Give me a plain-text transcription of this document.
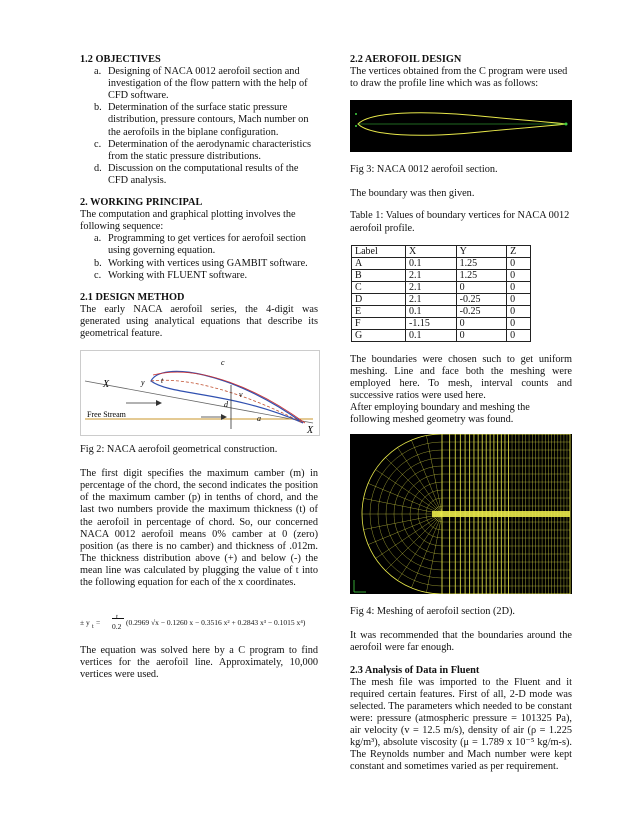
1.2 OBJECTIVES
a. Designing of NACA 0012 aerofoil section and investigation of the flow pattern with the help of CFD software.
b. Determination of the surface static pressure distribution, pressure contours, Mach number on the aerofoils in the biplane configuration.
c. Determination of the aerodynamic characteristics from the static pressure distributions.
d. Discussion on the computational results of the CFD analysis.
2. WORKING PRINCIPAL

The computation and graphical plotting involves the following sequence:

a. Programming to get vertices for aerofoil section using governing equation.
b. Working with vertices using GAMBIT software.
c. Working with FLUENT software.
2.1 DESIGN METHOD

The early NACA aerofoil series, the 4-digit was generated using analytical equations that describe its geometrical feature.

c
X	y t
v
d
Free Stream	a
X

Fig 2: NACA aerofoil geometrical construction.

The first digit specifies the maximum camber (m) in percentage of the chord, the second indicates the position of the maximum camber (p) in tenths of chord, and the last two numbers provide the maximum thickness (t) of the aerofoil in percentage of chord. So, our concerned NACA 0012 aerofoil means 0% camber at 0 (zero) position (as there is no camber) and thickness of .012m. The thickness distribution above (+) and below (-) the mean line was calculated by plugging the value of t into the following equation for each of the x coordinates.

± y t =
t
0.2 (0.2969 √x − 0.1260 x − 0.3516 x² + 0.2843 x³ − 0.1015 x⁴)

The equation was solved here by a C program to find vertices for the aerofoil line. Approximately, 10,000 vertices were used.

2.2 AEROFOIL DESIGN

The vertices obtained from the C program were used to draw the profile line which was as follows:

Fig 3: NACA 0012 aerofoil section.

The boundary was then given.

Table 1: Values of boundary vertices for NACA 0012 aerofoil profile.

Label	X	Y	Z
A	0.1	1.25	0
B	2.1	1.25	0
C	2.1	0	0
D	2.1	-0.25	0
E	0.1	-0.25	0
F	-1.15	0	0
G	0.1	0	0

The boundaries were chosen such to get uniform meshing. Line and face both the meshing were employed here. To mesh, interval counts and successive ratios were used here.

After employing boundary and meshing the following meshed geometry was found.

Fig 4: Meshing of aerofoil section (2D).

It was recommended that the boundaries around the aerofoil were far enough.

2.3 Analysis of Data in Fluent

The mesh file was imported to the Fluent and it required certain features. First of all, 2-D mode was selected. The parameters which needed to be constant were: pressure (atmospheric pressure = 101325 Pa), air velocity (v = 12.5 m/s), density of air (ρ = 1.225 kg/m³), absolute viscosity (μ = 1.789 x 10⁻⁵ kg/m-s). The Reynolds number and Mach number were kept constant and sometimes varied as per requirement.
